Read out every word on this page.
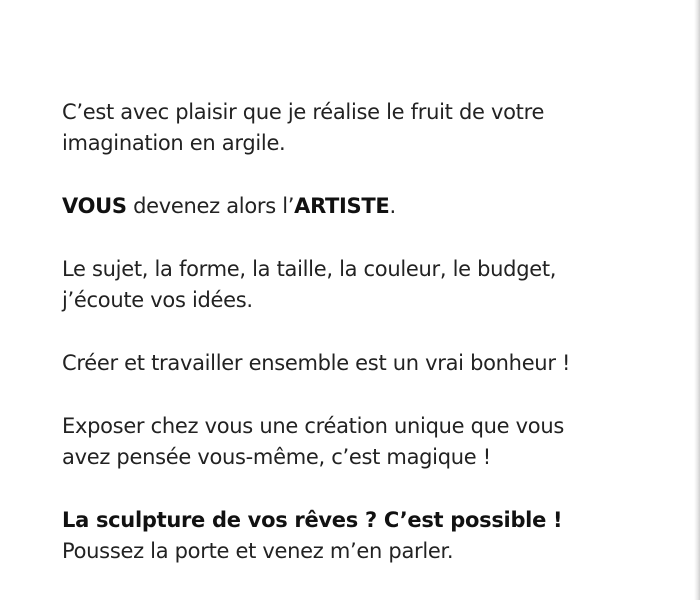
C’est avec plaisir que je réalise le fruit de votre
imagination en argile.
VOUS devenez alors l’ARTISTE.
Le sujet, la forme, la taille, la couleur, le budget,
j’écoute vos idées.
Créer et travailler ensemble est un vrai bonheur !
Exposer chez vous une création unique que vous
avez pensée vous-même, c’est magique !
La sculpture de vos rêves ? C’est possible !
Poussez la porte et venez m’en parler.
